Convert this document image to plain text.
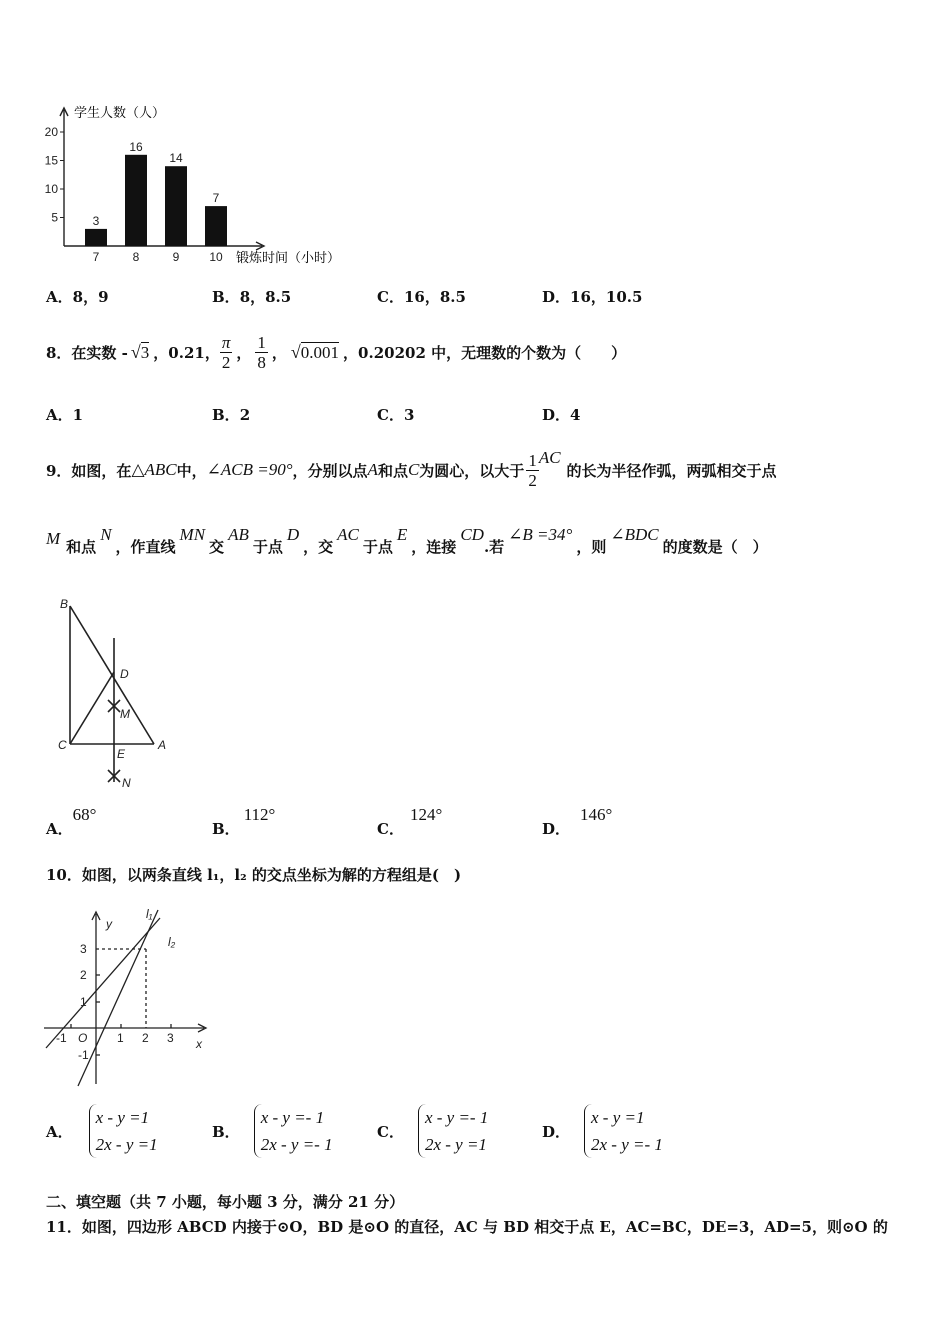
5
10
15
20
3
7
16
8
14
9
7
10
学生人数（人）
锻炼时间（小时）
A．8，9	B．8，8.5	C．16，8.5	D．16，10.5
8．在实数 - √3 ，0.21， $\frac{\pi}{2}$ ， $\frac{1}{8}$ ， √0.001 ，0.20202 中，无理数的个数为（　　）
A．1	B．2	C．3	D．4
9．如图，在 △ABC 中， ∠ACB =90° ，分别以点 A 和点 C 为圆心，以大于 $\frac{1}{2}$ AC
的长为半径作弧，两弧相交于点
M 和点N，作直线MN交AB于点D，交AC于点E，连接CD.若∠B =34°，则∠BDC的度数是（　）
B
D
M
C
E
A
N
A．68°
B．112°
C．124°
D．146°
10．如图，以两条直线 l₁，l₂ 的交点坐标为解的方程组是(　)
y
x
l₁
l₂
O
3
2
1
-1
-1	1 2 3
A．
x - y =1
2x - y =1
B．
x - y =- 1
2x - y =- 1
C．
x - y =- 1
2x - y =1
D．
x - y =1
2x - y =- 1
二、填空题（共 7 小题，每小题 3 分，满分 21 分）
11．如图，四边形 ABCD 内接于⊙O，BD 是⊙O 的直径，AC 与 BD 相交于点 E，AC=BC，DE=3，AD=5，则⊙O 的
